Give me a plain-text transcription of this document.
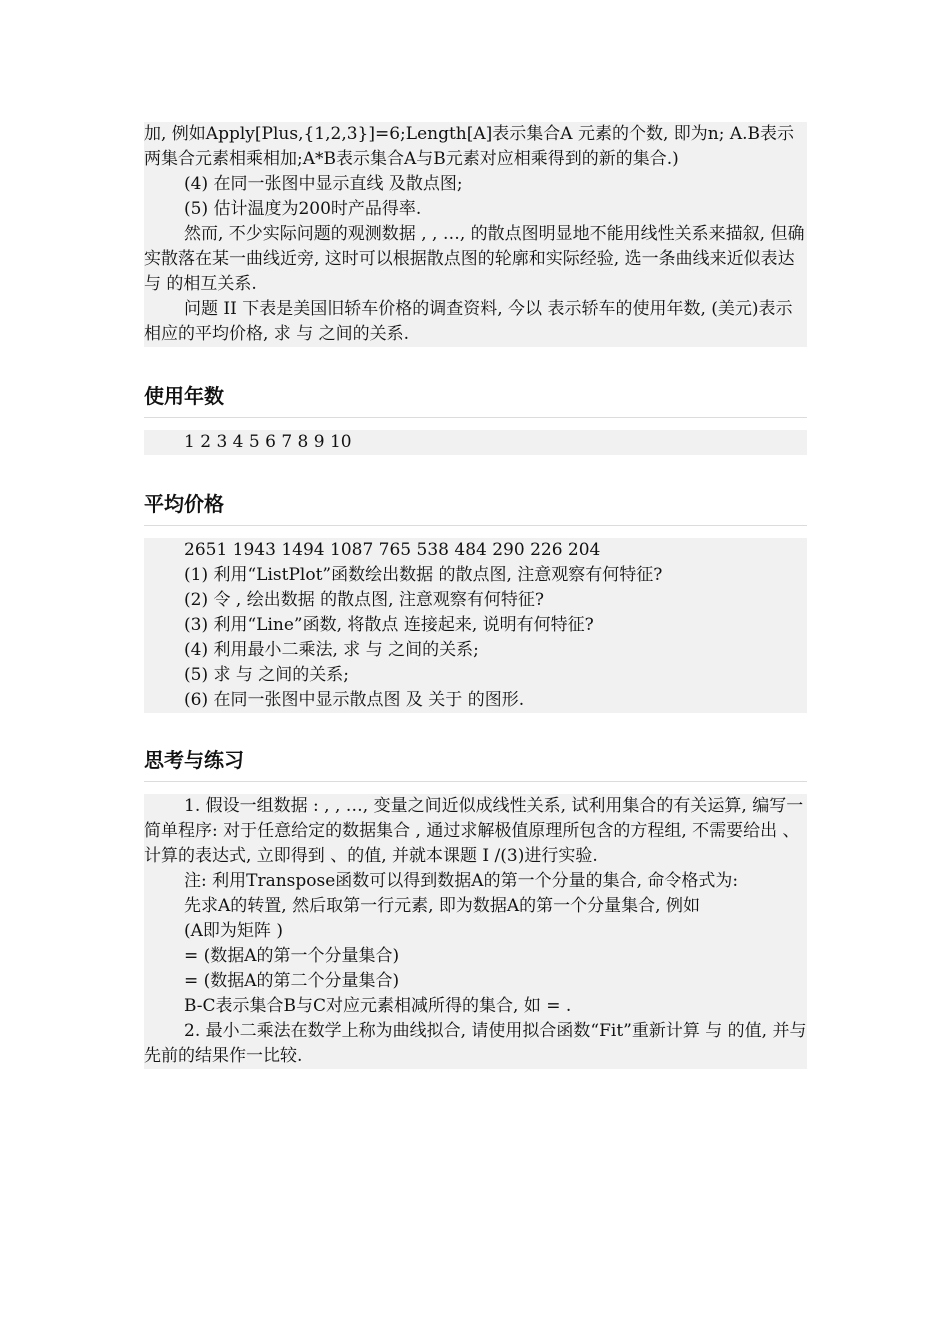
加, 例如Apply[Plus,{1,2,3}]=6;Length[A]表示集合A 元素的个数, 即为n; A.B表示两集合元素相乘相加;A*B表示集合A与B元素对应相乘得到的新的集合.)

(4) 在同一张图中显示直线 及散点图;

(5) 估计温度为200时产品得率.

然而, 不少实际问题的观测数据 , , …, 的散点图明显地不能用线性关系来描叙, 但确实散落在某一曲线近旁, 这时可以根据散点图的轮廓和实际经验, 选一条曲线来近似表达 与 的相互关系.

问题 II 下表是美国旧轿车价格的调查资料, 今以 表示轿车的使用年数, (美元)表示相应的平均价格, 求 与 之间的关系.

使用年数

1 2 3 4 5 6 7 8 9 10

平均价格

2651 1943 1494 1087 765 538 484 290 226 204

(1) 利用“ListPlot”函数绘出数据 的散点图, 注意观察有何特征?

(2) 令 , 绘出数据 的散点图, 注意观察有何特征?

(3) 利用“Line”函数, 将散点 连接起来, 说明有何特征?

(4) 利用最小二乘法, 求 与 之间的关系;

(5) 求 与 之间的关系;

(6) 在同一张图中显示散点图 及 关于 的图形.

思考与练习

1. 假设一组数据 : , , …, 变量之间近似成线性关系, 试利用集合的有关运算, 编写一简单程序: 对于任意给定的数据集合 , 通过求解极值原理所包含的方程组, 不需要给出 、计算的表达式, 立即得到 、的值, 并就本课题 I /(3)进行实验.

注: 利用Transpose函数可以得到数据A的第一个分量的集合, 命令格式为:

先求A的转置, 然后取第一行元素, 即为数据A的第一个分量集合, 例如

(A即为矩阵 )

= (数据A的第一个分量集合)

= (数据A的第二个分量集合)

B-C表示集合B与C对应元素相减所得的集合, 如 = .

2. 最小二乘法在数学上称为曲线拟合, 请使用拟合函数“Fit”重新计算 与 的值, 并与先前的结果作一比较.
